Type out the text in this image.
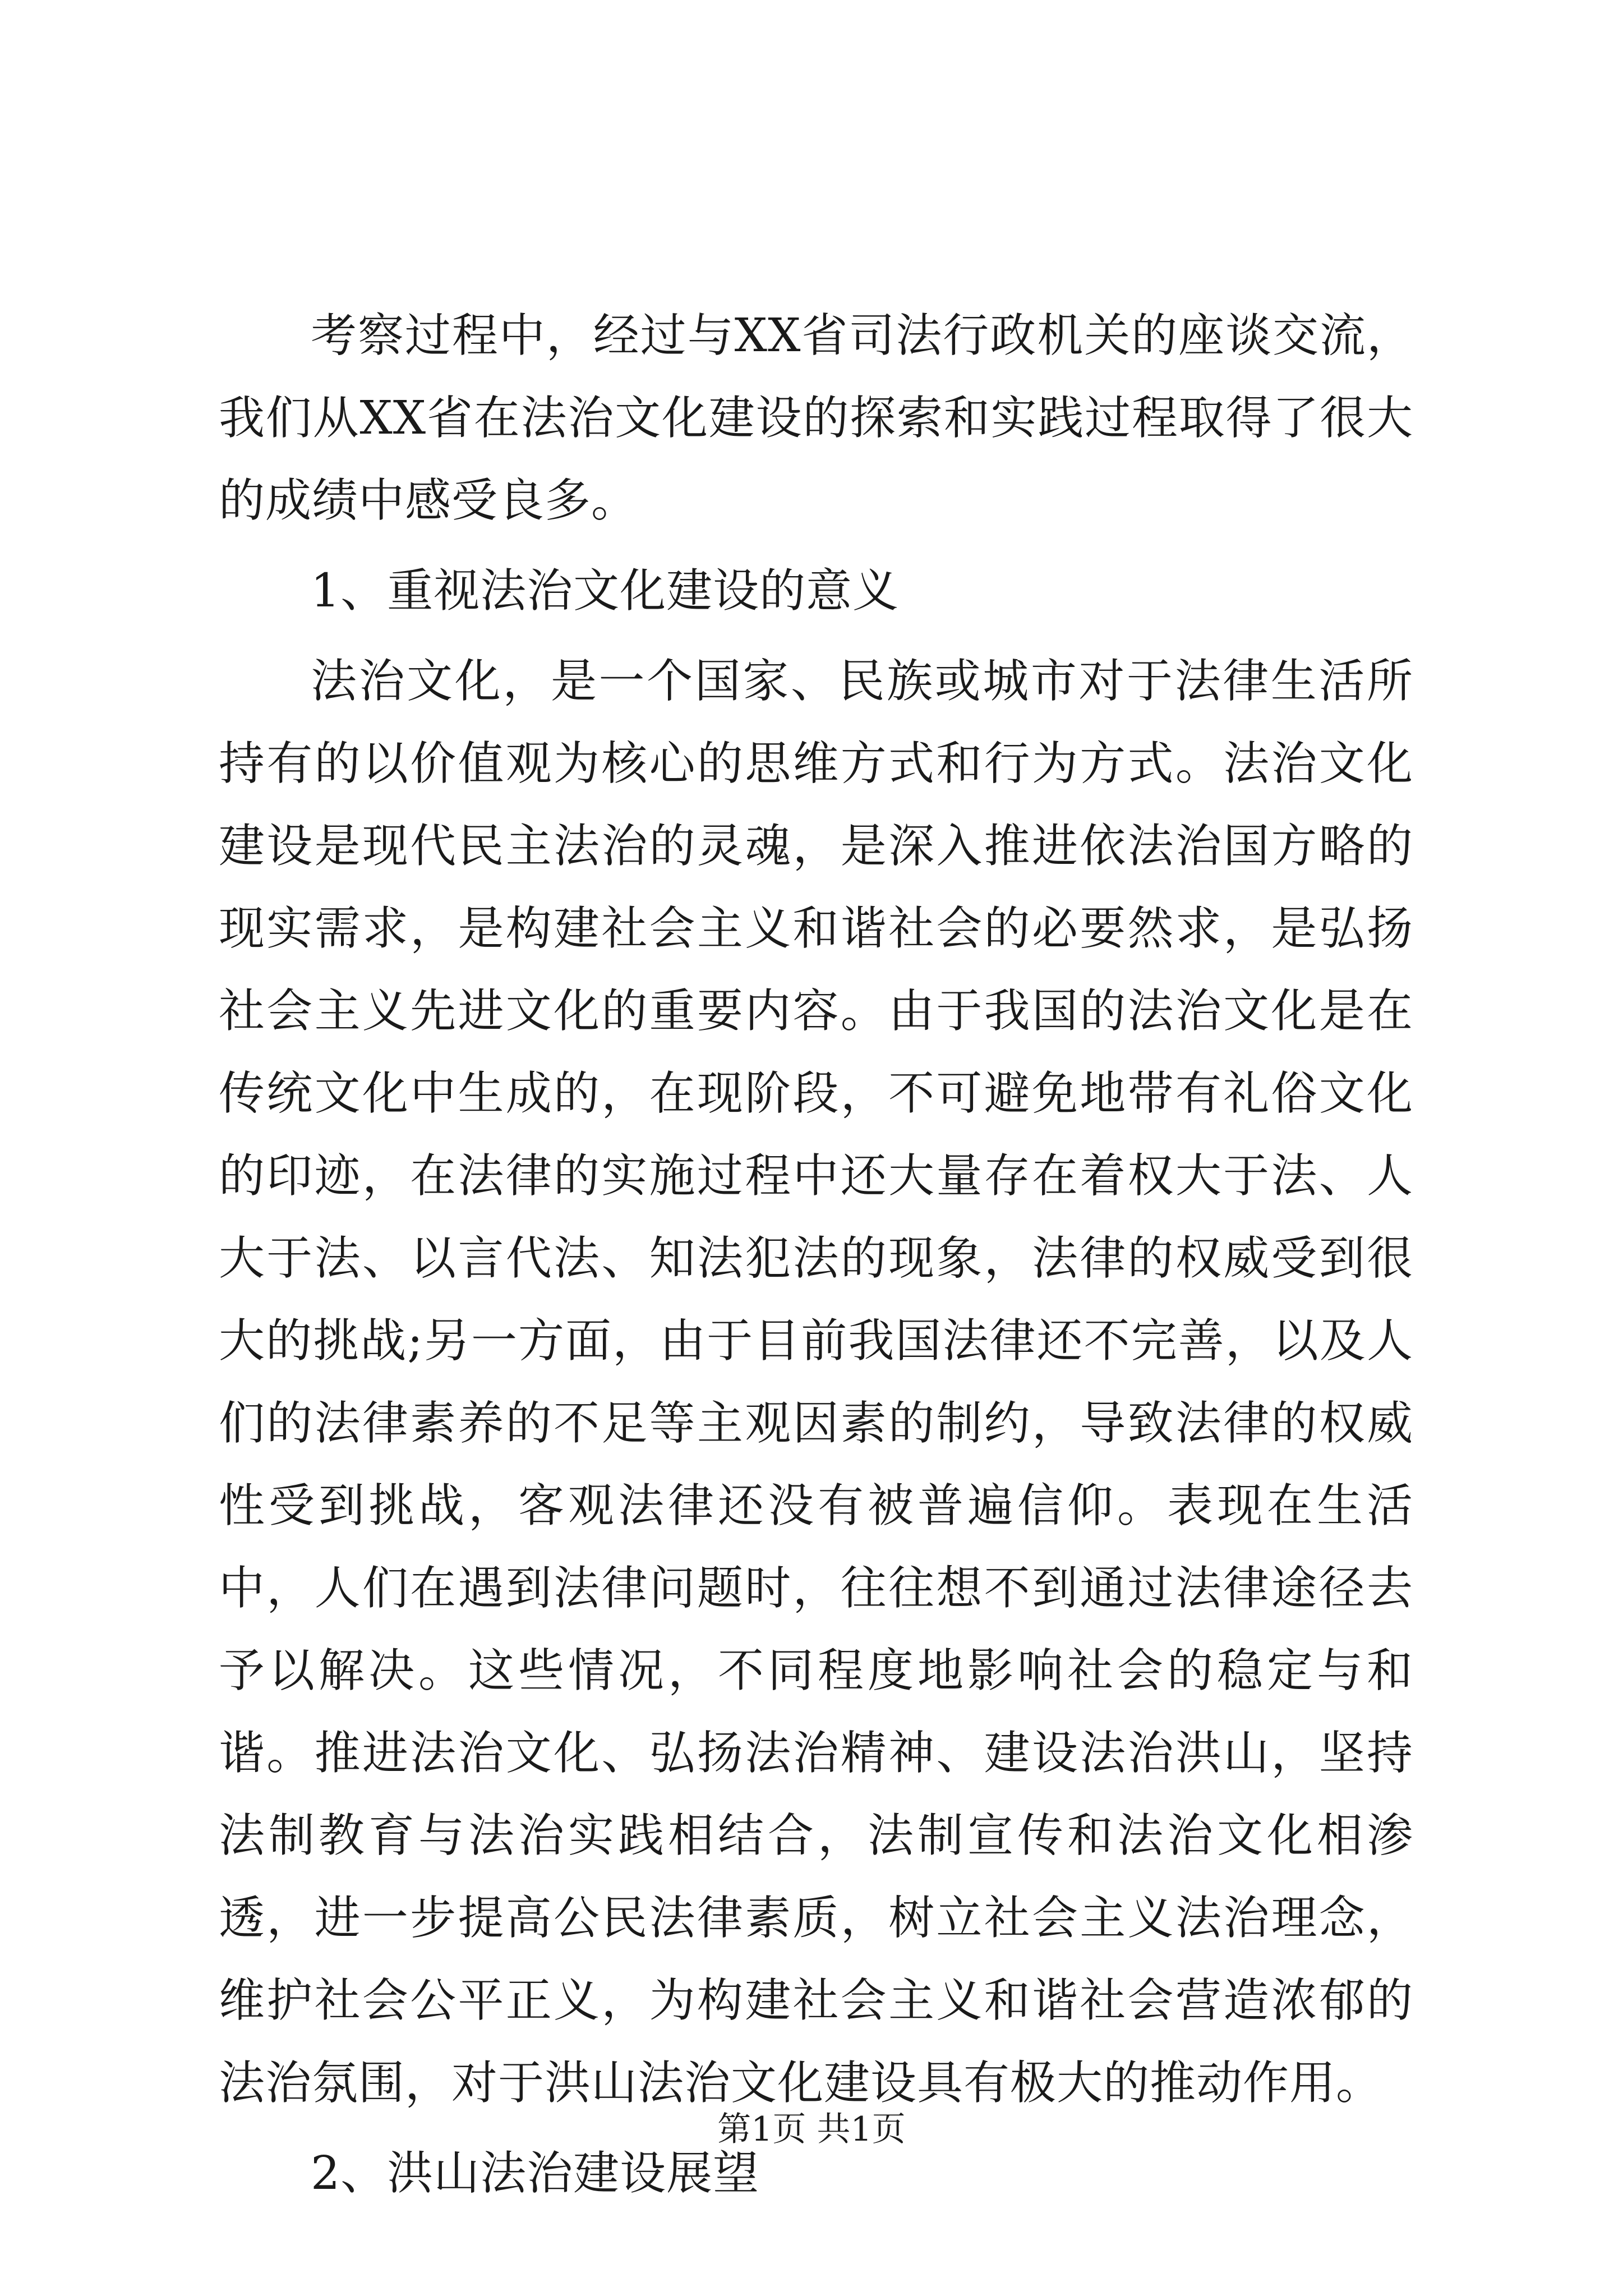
考察过程中，经过与XX省司法行政机关的座谈交流，我们从XX省在法治文化建设的探索和实践过程取得了很大的成绩中感受良多。

1、重视法治文化建设的意义

法治文化，是一个国家、民族或城市对于法律生活所持有的以价值观为核心的思维方式和行为方式。法治文化建设是现代民主法治的灵魂，是深入推进依法治国方略的现实需求，是构建社会主义和谐社会的必要然求，是弘扬社会主义先进文化的重要内容。由于我国的法治文化是在传统文化中生成的，在现阶段，不可避免地带有礼俗文化的印迹，在法律的实施过程中还大量存在着权大于法、人大于法、以言代法、知法犯法的现象，法律的权威受到很大的挑战;另一方面，由于目前我国法律还不完善，以及人们的法律素养的不足等主观因素的制约，导致法律的权威性受到挑战，客观法律还没有被普遍信仰。表现在生活中，人们在遇到法律问题时，往往想不到通过法律途径去予以解决。这些情况，不同程度地影响社会的稳定与和谐。推进法治文化、弘扬法治精神、建设法治洪山，坚持法制教育与法治实践相结合，法制宣传和法治文化相渗透，进一步提高公民法律素质，树立社会主义法治理念，维护社会公平正义，为构建社会主义和谐社会营造浓郁的法治氛围，对于洪山法治文化建设具有极大的推动作用。

2、洪山法治建设展望

第1页 共1页
